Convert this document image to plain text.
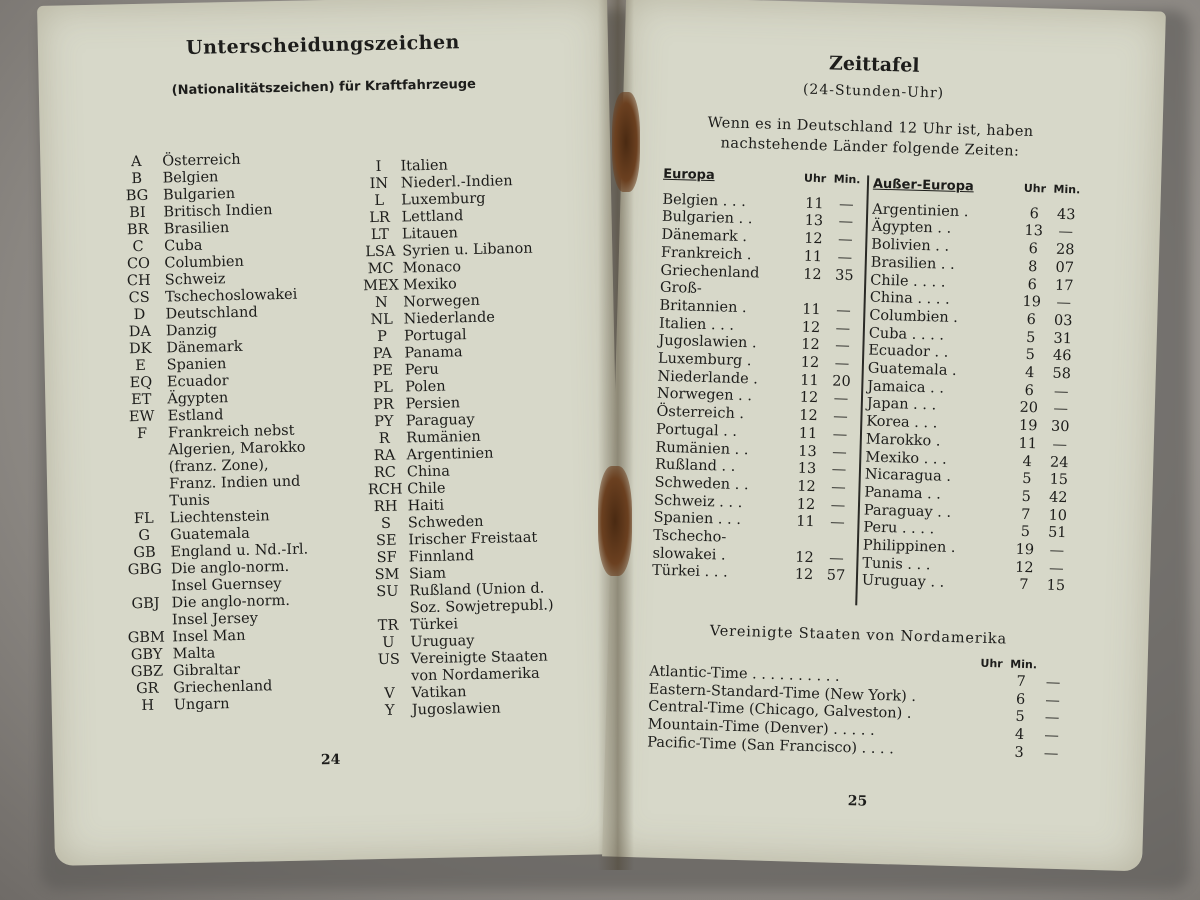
Unterscheidungszeichen
(Nationalitätszeichen) für Kraftfahrzeuge
A	Österreich
B	Belgien
BG Bulgarien
BI	Britisch Indien
BR	Brasilien
C	Cuba
CO Columbien
CH Schweiz
CS	Tschechoslowakei
D	Deutschland
DA	Danzig
DK Dänemark
E	Spanien
EQ Ecuador
ET	Ägypten
EW Estland
F	Frankreich nebst Algerien, Marokko
(franz. Zone),
Franz. Indien und
Tunis
FL	Liechtenstein
G	Guatemala
GB	England u. Nd.-Irl.
GBG Die anglo-norm.
Insel Guernsey
GBJ Die anglo-norm.
Insel Jersey
GBM Insel Man
GBY Malta
GBZ Gibraltar
GR Griechenland
H	Ungarn
I	Italien
IN Niederl.-Indien
L	Luxemburg
LR Lettland
LT Litauen
LSA Syrien u. Libanon
MC Monaco
MEX Mexiko
N	Norwegen
NL Niederlande
P	Portugal
PA Panama
PE Peru
PL Polen
PR Persien
PY Paraguay
R	Rumänien
RA Argentinien
RC China
RCH Chile
RH Haiti
S	Schweden
SE Irischer Freistaat
SF Finnland
SM Siam
SU Rußland (Union d.
Soz. Sowjetrepubl.)
TR Türkei
U	Uruguay
US Vereinigte Staaten
von Nordamerika
V	Vatikan
Y	Jugoslawien
24
Zeittafel
(24-Stunden-Uhr)
Wenn es in Deutschland 12 Uhr ist, haben nachstehende Länder folgende Zeiten:
Europa	Uhr Min.
Belgien . . .	11	—
Bulgarien . .	13	—
Dänemark .	12	—
Frankreich .	11	—
Griechenland	12 35
Groß-
Britannien .	11	—
Italien . . .	12	—
Jugoslawien .	12	—
Luxemburg .	12	—
Niederlande .	11 20
Norwegen . .	12	—
Österreich .	12	—
Portugal . .	11	—
Rumänien . .	13	—
Rußland . .	13	—
Schweden . .	12	—
Schweiz . . .	12	—
Spanien . . .	11	—
Tschecho-
slowakei .	12	—
Türkei . . .	12 57
Außer-Europa	Uhr Min.
Argentinien .	6	43
Ägypten . .	13	—
Bolivien . .	6	28
Brasilien . .	8	07
Chile . . . .	6	17
China . . . .	19	—
Columbien .	6	03
Cuba . . . .	5	31
Ecuador . .	5	46
Guatemala .	4	58
Jamaica . .	6	—
Japan . . .	20	—
Korea . . .	19 30
Marokko .	11	—
Mexiko . . .	4	24
Nicaragua .	5	15
Panama . .	5	42
Paraguay . .	7	10
Peru . . . .	5	51
Philippinen .	19	—
Tunis . . .	12	—
Uruguay . .	7	15
Vereinigte Staaten von Nordamerika
Uhr Min.
Atlantic-Time . . . . . . . . . .	7	—
Eastern-Standard-Time (New York) .	6	—
Central-Time (Chicago, Galveston) .	5	—
Mountain-Time (Denver) . . . . .	4	—
Pacific-Time (San Francisco) . . . .	3	—
25
